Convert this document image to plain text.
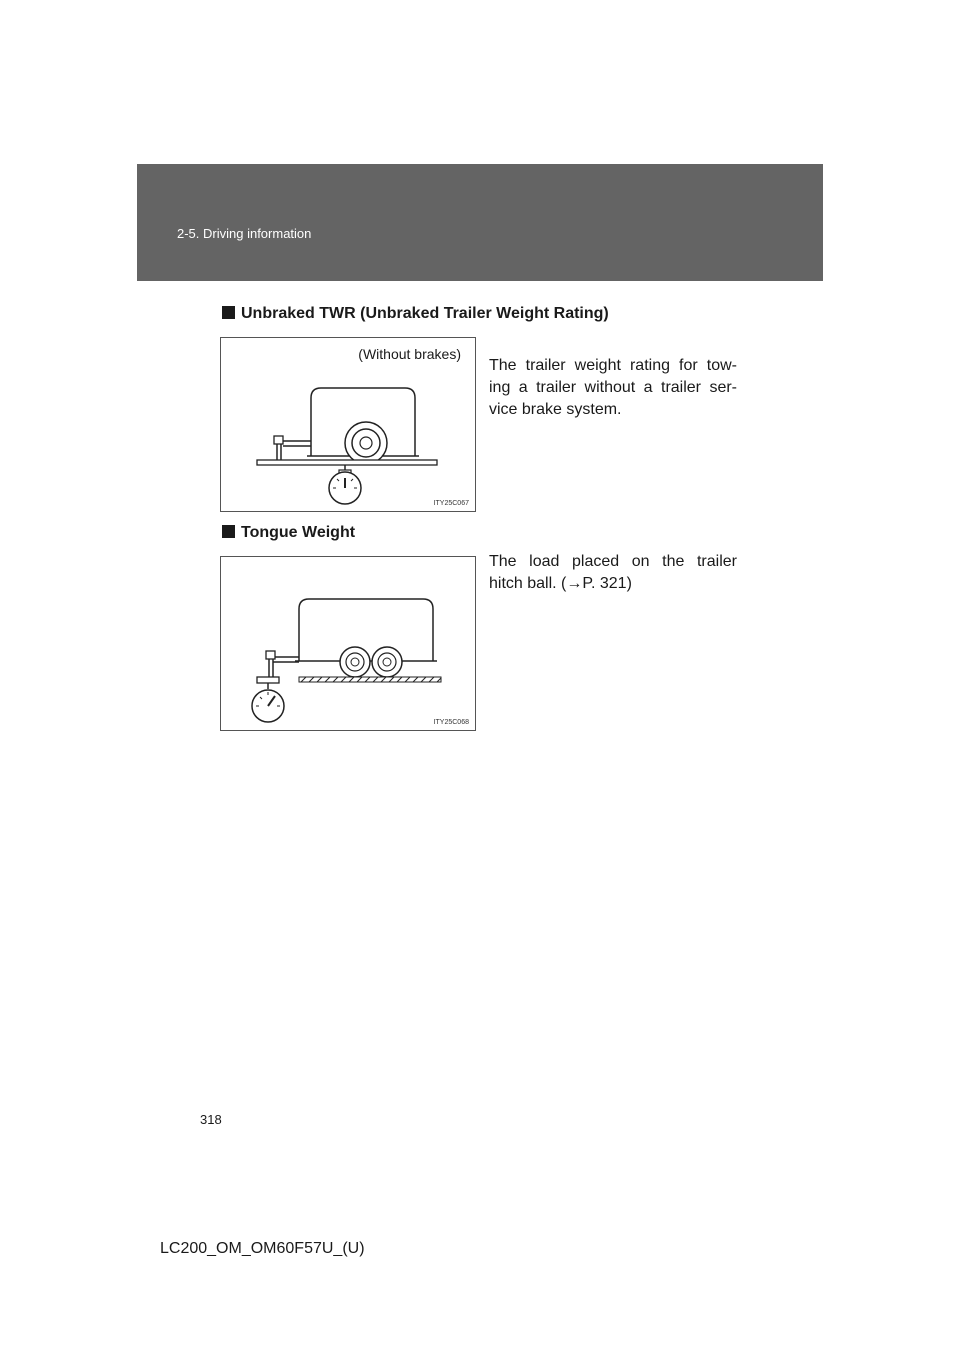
2-5. Driving information
Unbraked TWR (Unbraked Trailer Weight Rating)
(Without brakes)
ITY25C067
The trailer weight rating for tow-
ing a trailer without a trailer ser-
vice brake system.
Tongue Weight
ITY25C068
The load placed on the trailer
hitch ball. (→P. 321)
318
LC200_OM_OM60F57U_(U)
